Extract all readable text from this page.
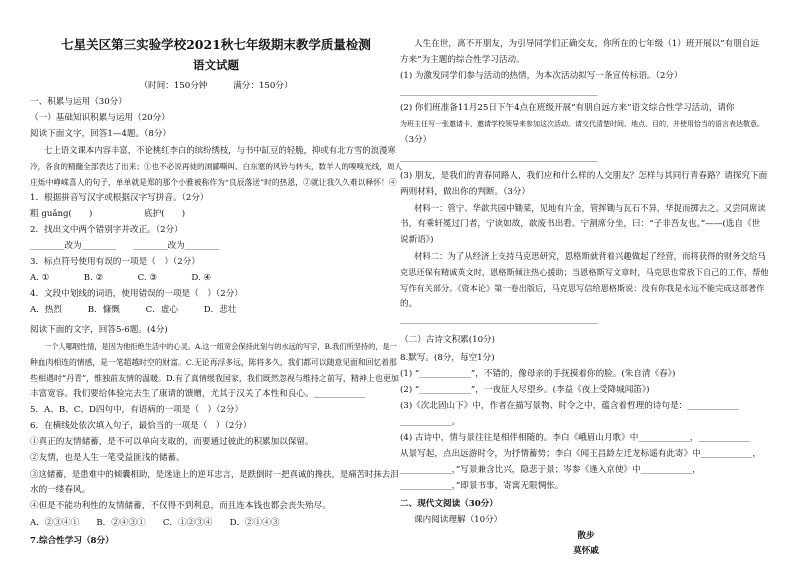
七星关区第三实验学校2021秋七年级期末教学质量检测
语文试题
（时间：150分钟　　　满分：150分）
一、积累与运用（30分）
（一）基础知识积累与运用（20分）
阅读下面文字，回答1—4题。（8分）
七上语文课本内容丰富，不论桃红李白的缤纷绣枝，与书中缸豆的轻脆，抑或有北方雪的浪漫寒
冷，各食的精髓全部表达了出来；①也不必说再徒的浏鄙嘶叫、白东塞的风铃与转头，数羊人的嗅嗅光线，周人
庄烁中峥嵘喜人的句子，单单就是郑的那个小雅被称作为“良辰落送”时的热恩，②就让我久久难以释怀！④
1．根据拼音写汉字或根据汉字写拼音。（2分）
粗 guǎng(　　)　　　　　　底护(　　)
2．找出文中两个错别字并改正。（2分）
________改为________　　________改为________
3．标点符号使用有误的一项是（　）（2分）
A. ①　　　　B. ②　　　　C. ③　　　　D. ④
4．文段中划线的词语，使用错误的一项是（　）（2分）
A．热烈　　　B．慷慨　　　C．虚心　　　D．悲壮
阅读下面的文字，回答5-6题。(4分)
一个人哪咽性情，是因为他拒绝生活中的心灵。A.这一组宽会保持此刻与的水远的写字，B.我们所坚持的，是一
种血肉相连的情感，是一笔超越时空的财富。C.无论再浮多远，陈将多久，我们都可以随意见面和回忆着那
些相遇时“丹青”，惟独前友情的温暖。D.有了真情缓我国家，我们既然忽视与维持之前写，精神上也更加
丰富宽容。我们要给体验完去生了康请的馈赠，尤其于汉关了本性和良心。____________
5．A、B、C、D四句中，有语病的一项是（　）（2分）
6．在横线处依次填入句子，最恰当的一项是（　）（2分）
①真正的友情储蓄，是不可以单向支取的，而要通过彼此的积累加以保留。
②友情，也是人生一笔受益匪浅的储蓄。
③这储蓄，是患难中的倾囊相助，是迷途上的逆耳忠言，是跌倒时一把真诚的搀扶，是痛苦时抹去泪
水的一缕春风。
④但是不能功利性的友情储蓄，不仅得不到利息，而且连本钱也都会丧失殆尽。
A．②③④①　　B．②④③①　　C．①②③④　　D．②①④③
7.综合性学习（8分）
人生在世，离不开朋友，为引导同学们正确交友，你所在的七年级（1）班开展以“有朋自远
方来”为主题的综合性学习活动。
(1) 为激发同学们参与活动的热情，为本次活动拟写一条宣传标语。（2分）
______________________________________________
(2) 你们班准备11月25日下午4点在班级开展“有朋自远方来”语文综合性学习活动，请你
为班主任写一张邀请卡，邀请学校领导来参加这次活动。请交代清楚时间、地点、目的，并使用恰当的语言表达敬意。
（3分）
______________________________________________
(3) 朋友，是我们的青春同路人，我们应和什么样的人交朋友？怎样与其同行青春路？请探究下面
两则材料，做出你的判断。（3分）
材料一：管宁、华歆共园中锄菜，见地有片金，管挥锄与瓦石不异，华捉而掷去之。又尝同席读
书，有乘轩冕过门者，宁读如故，歆废书出看。宁割席分坐，曰：“子非吾友也。”——(选自《世
说新语》)
材料二：为了从经济上支持马克思研究，恩格斯就背着兴趣做起了经营，而将获得的财务交给马
克思还保有精诚英文时，恩格斯倾注热心援助；当恩格斯写文章时，马克思也常放下自己的工作，帮他
写作有关部分。《资本论》第一卷出版后，马克思写信给恩格斯说：没有你我是永远不能完成这部著作
的。
______________________________________________
（二）古诗文积累(10分)
8.默写。(8分，每空1分)
(1) “____________”，不错的，像母亲的手抚摸着你的脸。(朱自清《春》)
(2) “____________”，一夜征人尽望乡。(李益《夜上受降城闻笛》)
(3)《次北固山下》中，作者在描写景物、时令之中，蕴含着哲理的诗句是：____________
____________。
(4) 古诗中，情与景往往是相伴相随的。李白《峨眉山月歌》中____________，____________
从景写起，点出远游时令，为抒情蓄势；李白《闻王昌龄左迁龙标遥有此寄》中____________，
____________，”写景兼含比兴，隐悲于景；岑参《逢入京使》中____________，
____________，”即景书事，寄寓无限惆怅。
二、现代文阅读（30分）
课内阅读理解（10分）
散步
莫怀戚
